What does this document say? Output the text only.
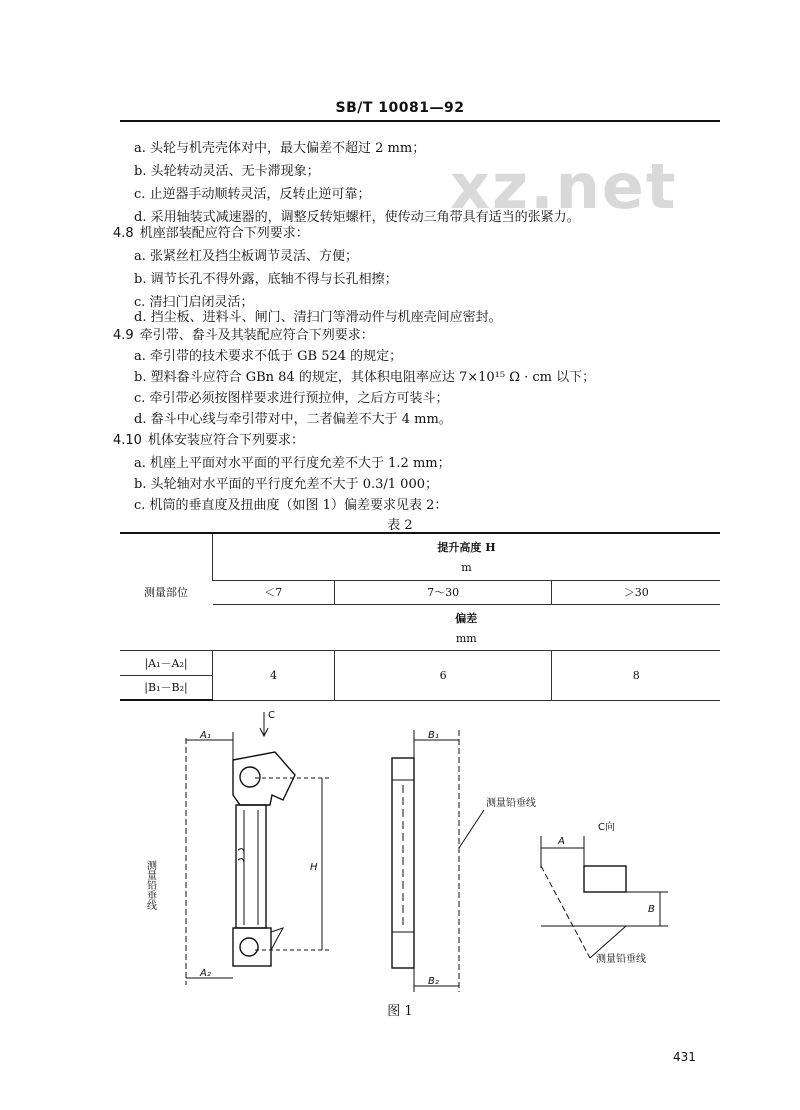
SB/T 10081—92
xz.net
a. 头轮与机壳壳体对中，最大偏差不超过 2 mm；
b. 头轮转动灵活、无卡滞现象；
c. 止逆器手动顺转灵活，反转止逆可靠；
d. 采用轴装式减速器的，调整反转矩螺杆，使传动三角带具有适当的张紧力。
4.8 机座部装配应符合下列要求：
a. 张紧丝杠及挡尘板调节灵活、方便；
b. 调节长孔不得外露，底轴不得与长孔相擦；
c. 清扫门启闭灵活；
d. 挡尘板、进料斗、闸门、清扫门等滑动件与机座壳间应密封。
4.9 牵引带、畚斗及其装配应符合下列要求：
a. 牵引带的技术要求不低于 GB 524 的规定；
b. 塑料畚斗应符合 GBn 84 的规定，其体积电阻率应达 7×10¹⁵ Ω · cm 以下；
c. 牵引带必须按图样要求进行预拉伸，之后方可装斗；
d. 畚斗中心线与牵引带对中，二者偏差不大于 4 mm。
4.10 机体安装应符合下列要求：
a. 机座上平面对水平面的平行度允差不大于 1.2 mm；
b. 头轮轴对水平面的平行度允差不大于 0.3/1 000；
c. 机筒的垂直度及扭曲度（如图 1）偏差要求见表 2：
表 2
测量部位	提升高度 H
m		

	＜7	7～30	＞30

	偏差
mm		

|A₁－A₂|	4	6	8
|B₁－B₂|			
C
A₁
A₂
B₁
B₂
H
测量铅垂线
测量铅垂线
C向
A
B
测量铅垂线
图 1
431
